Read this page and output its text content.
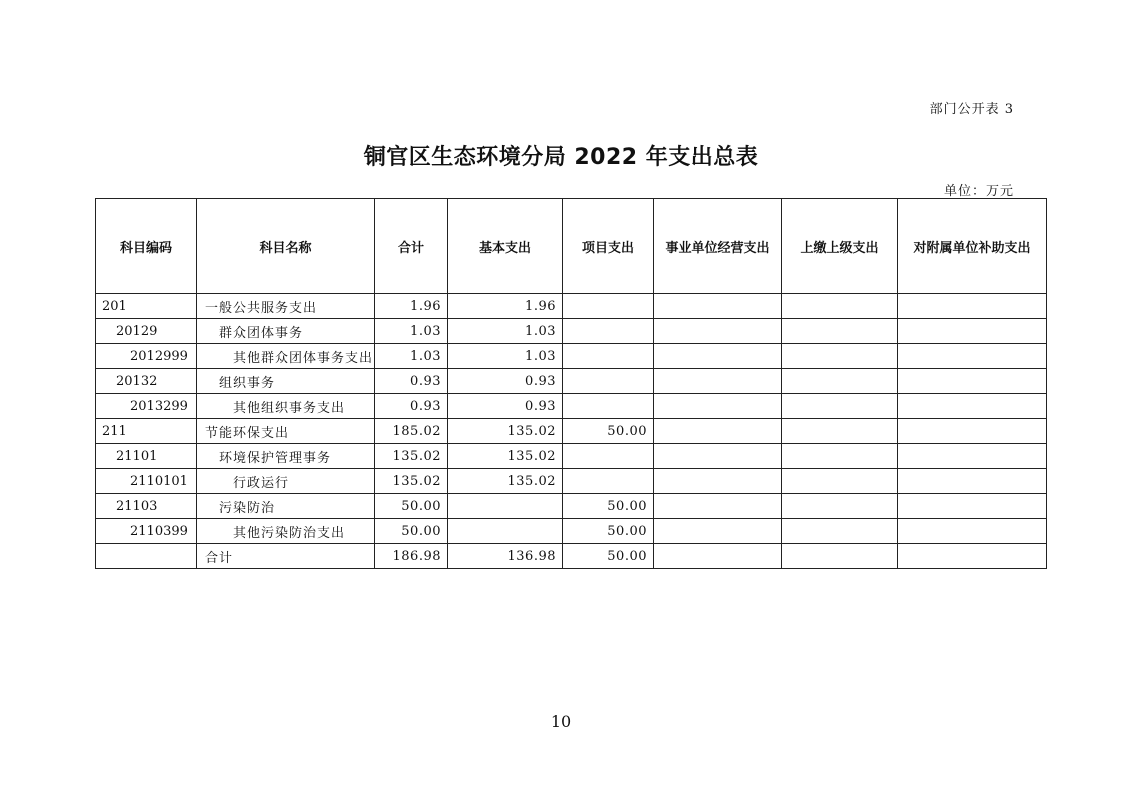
部门公开表 3
铜官区生态环境分局 2022 年支出总表
单位：万元
科目编码	科目名称	合计	基本支出	项目支出	事业单位经营支出	上缴上级支出	对附属单位补助支出
201	一般公共服务支出	1.96	1.96				
20129	群众团体事务	1.03	1.03				
2012999	其他群众团体事务支出	1.03	1.03				
20132	组织事务	0.93	0.93				
2013299	其他组织事务支出	0.93	0.93				
211	节能环保支出	185.02	135.02	50.00			
21101	环境保护管理事务	135.02	135.02				
2110101	行政运行	135.02	135.02				
21103	污染防治	50.00		50.00			
2110399	其他污染防治支出	50.00		50.00			
	合计	186.98	136.98	50.00			
10
